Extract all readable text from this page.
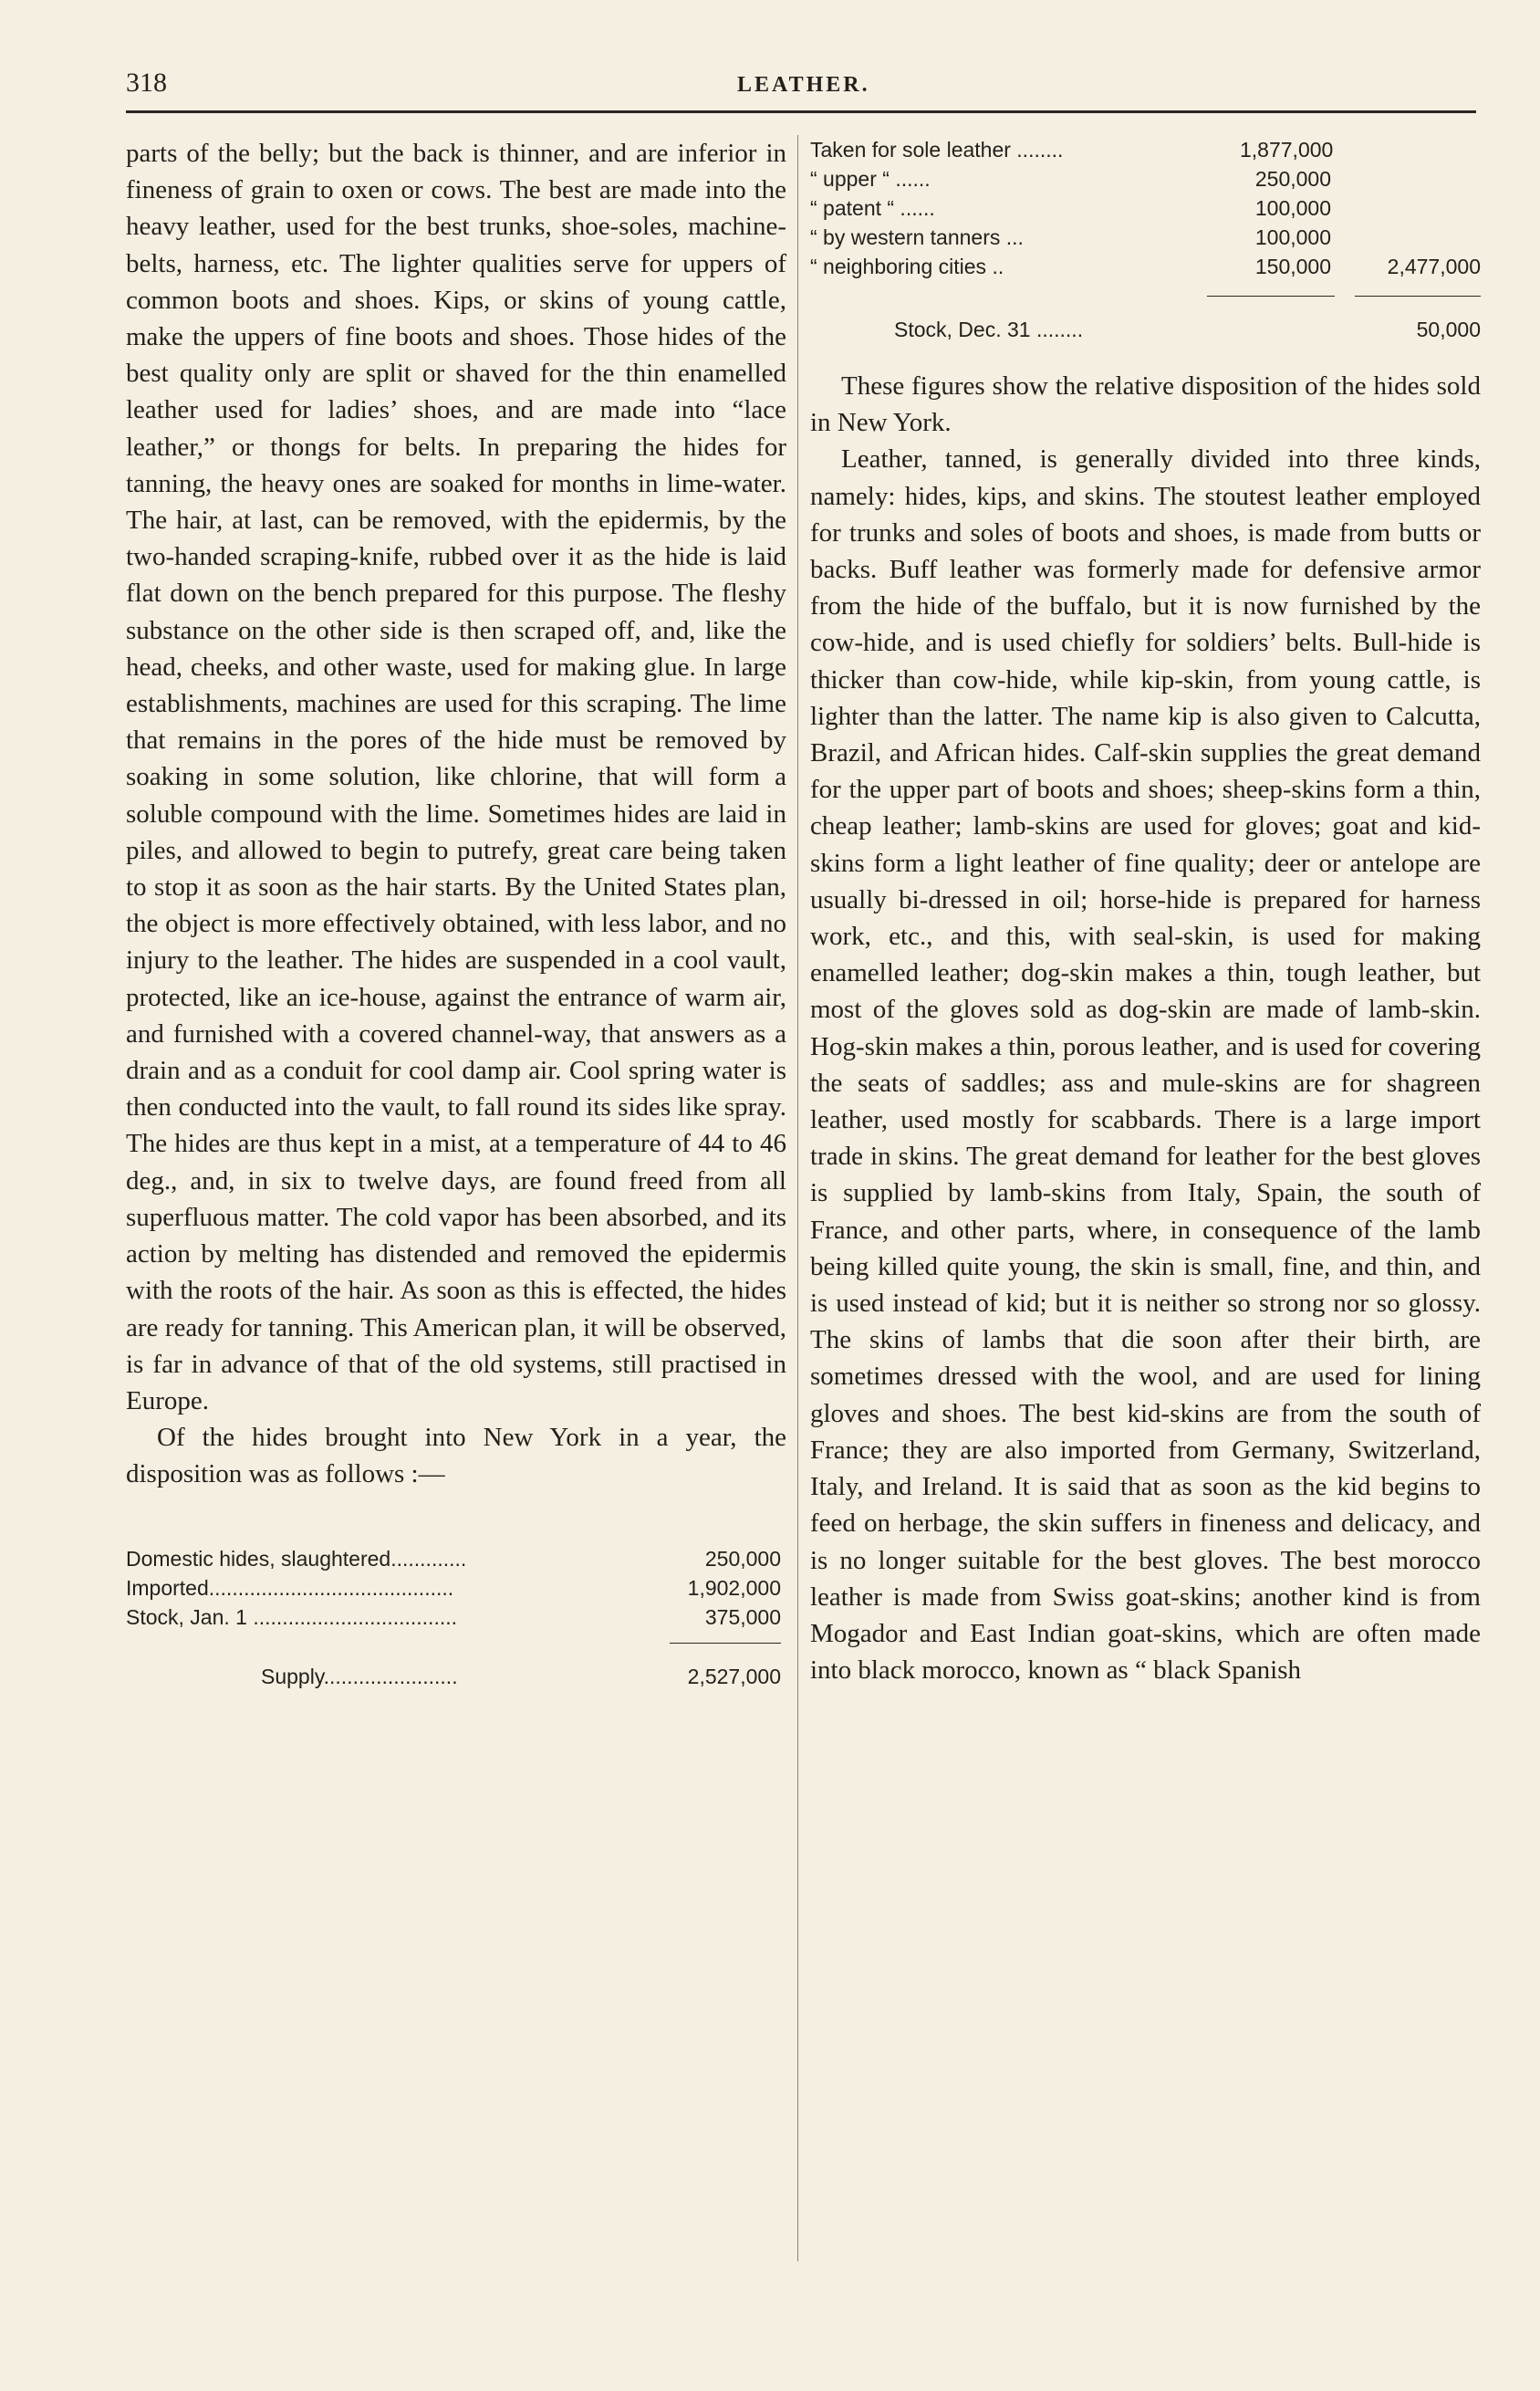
318	LEATHER.

parts of the belly; but the back is thinner, and are inferior in fineness of grain to oxen or cows. The best are made into the heavy leather, used for the best trunks, shoe-soles, machine-belts, harness, etc. The lighter qualities serve for uppers of common boots and shoes. Kips, or skins of young cattle, make the uppers of fine boots and shoes. Those hides of the best quality only are split or shaved for the thin enamelled leather used for ladies’ shoes, and are made into “lace leather,” or thongs for belts. In preparing the hides for tanning, the heavy ones are soaked for months in lime-water. The hair, at last, can be removed, with the epidermis, by the two-handed scraping-knife, rubbed over it as the hide is laid flat down on the bench prepared for this purpose. The fleshy substance on the other side is then scraped off, and, like the head, cheeks, and other waste, used for making glue. In large establishments, machines are used for this scraping. The lime that remains in the pores of the hide must be removed by soaking in some solution, like chlorine, that will form a soluble compound with the lime. Sometimes hides are laid in piles, and allowed to begin to putrefy, great care being taken to stop it as soon as the hair starts. By the United States plan, the object is more effectively obtained, with less labor, and no injury to the leather. The hides are suspended in a cool vault, protected, like an ice-house, against the entrance of warm air, and furnished with a covered channel-way, that answers as a drain and as a conduit for cool damp air. Cool spring water is then conducted into the vault, to fall round its sides like spray. The hides are thus kept in a mist, at a temperature of 44 to 46 deg., and, in six to twelve days, are found freed from all superfluous matter. The cold vapor has been absorbed, and its action by melting has distended and removed the epidermis with the roots of the hair. As soon as this is effected, the hides are ready for tanning. This American plan, it will be observed, is far in advance of that of the old systems, still practised in Europe.

Of the hides brought into New York in a year, the disposition was as follows :—

Domestic hides, slaughtered.............	250,000
Imported..........................................	1,902,000
Stock, Jan. 1 ...................................	375,000
Supply.......................	2,527,000
Taken for sole leather ........	1,877,000
“ upper “ ......	250,000
“ patent “ ......	100,000
“ by western tanners ...	100,000
“ neighboring cities ..	150,000	2,477,000
Stock, Dec. 31 ........	50,000

These figures show the relative disposition of the hides sold in New York.

Leather, tanned, is generally divided into three kinds, namely: hides, kips, and skins. The stoutest leather employed for trunks and soles of boots and shoes, is made from butts or backs. Buff leather was formerly made for defensive armor from the hide of the buffalo, but it is now furnished by the cow-hide, and is used chiefly for soldiers’ belts. Bull-hide is thicker than cow-hide, while kip-skin, from young cattle, is lighter than the latter. The name kip is also given to Calcutta, Brazil, and African hides. Calf-skin supplies the great demand for the upper part of boots and shoes; sheep-skins form a thin, cheap leather; lamb-skins are used for gloves; goat and kid-skins form a light leather of fine quality; deer or antelope are usually bi-dressed in oil; horse-hide is prepared for harness work, etc., and this, with seal-skin, is used for making enamelled leather; dog-skin makes a thin, tough leather, but most of the gloves sold as dog-skin are made of lamb-skin. Hog-skin makes a thin, porous leather, and is used for covering the seats of saddles; ass and mule-skins are for shagreen leather, used mostly for scabbards. There is a large import trade in skins. The great demand for leather for the best gloves is supplied by lamb-skins from Italy, Spain, the south of France, and other parts, where, in consequence of the lamb being killed quite young, the skin is small, fine, and thin, and is used instead of kid; but it is neither so strong nor so glossy. The skins of lambs that die soon after their birth, are sometimes dressed with the wool, and are used for lining gloves and shoes. The best kid-skins are from the south of France; they are also imported from Germany, Switzerland, Italy, and Ireland. It is said that as soon as the kid begins to feed on herbage, the skin suffers in fineness and delicacy, and is no longer suitable for the best gloves. The best morocco leather is made from Swiss goat-skins; another kind is from Mogador and East Indian goat-skins, which are often made into black morocco, known as “ black Spanish
